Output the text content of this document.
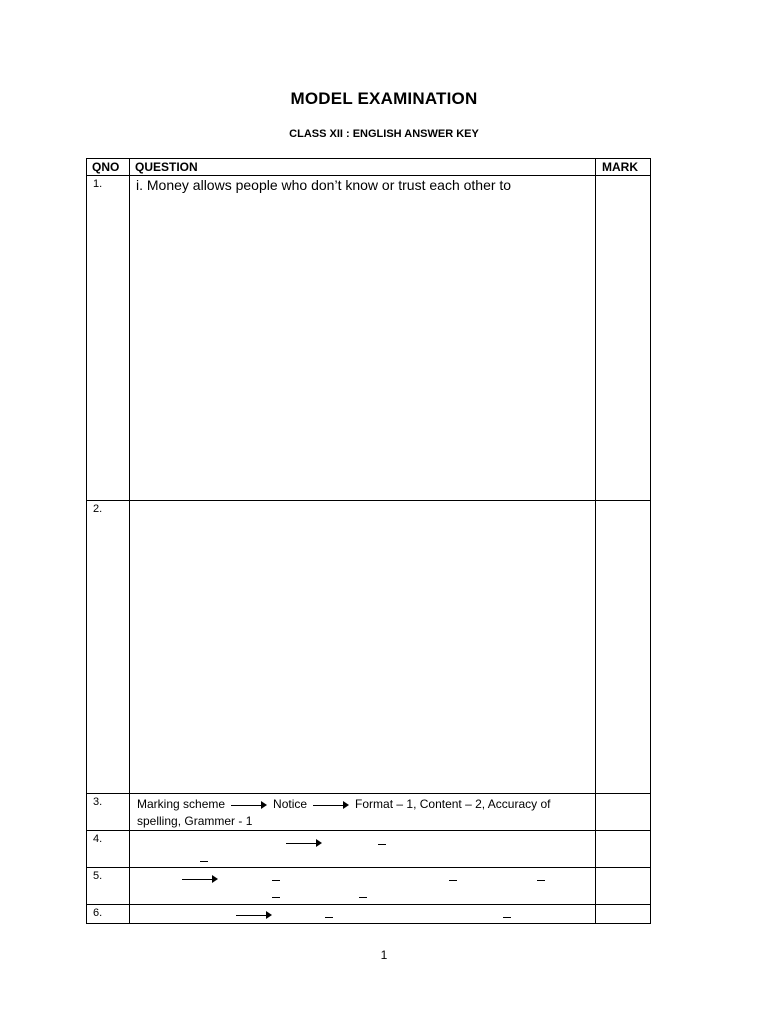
MODEL EXAMINATION
CLASS XII : ENGLISH ANSWER KEY
QNO	QUESTION	MARK
1.	i. Money allows people who don’t know or trust each other to	
2.		
3.	Marking scheme Notice Format – 1, Content – 2, Accuracy of
spelling, Grammer - 1	
4.	

5.	

6.	

1
